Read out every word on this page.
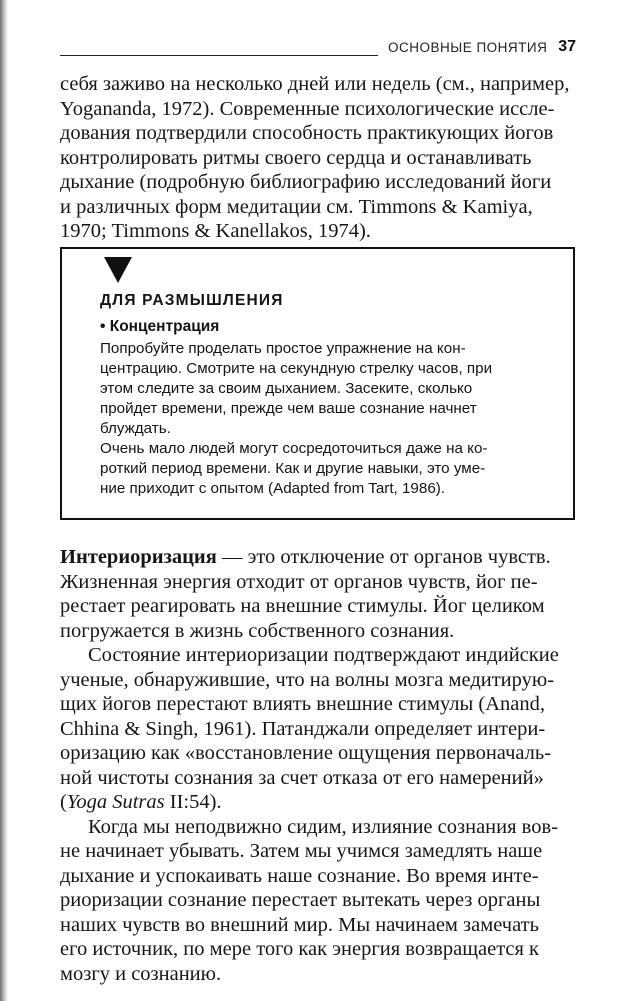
ОСНОВНЫЕ ПОНЯТИЯ 37
себя заживо на несколько дней или недель (см., например,
Yogananda, 1972). Современные психологические иссле-
дования подтвердили способность практикующих йогов
контролировать ритмы своего сердца и останавливать
дыхание (подробную библиографию исследований йоги
и различных форм медитации см. Timmons & Kamiya,
1970; Timmons & Kanellakos, 1974).
ДЛЯ РАЗМЫШЛЕНИЯ
• Концентрация
Попробуйте проделать простое упражнение на кон-
центрацию. Смотрите на секундную стрелку часов, при
этом следите за своим дыханием. Засеките, сколько
пройдет времени, прежде чем ваше сознание начнет
блуждать.
Очень мало людей могут сосредоточиться даже на ко-
роткий период времени. Как и другие навыки, это уме-
ние приходит с опытом (Adapted from Tart, 1986).
Интериоризация — это отключение от органов чувств.
Жизненная энергия отходит от органов чувств, йог пе-
рестает реагировать на внешние стимулы. Йог целиком
погружается в жизнь собственного сознания.
Состояние интериоризации подтверждают индийские
ученые, обнаружившие, что на волны мозга медитирую-
щих йогов перестают влиять внешние стимулы (Anand,
Chhina & Singh, 1961). Патанджали определяет интери-
оризацию как «восстановление ощущения первоначаль-
ной чистоты сознания за счет отказа от его намерений»
(Yoga Sutras II:54).
Когда мы неподвижно сидим, излияние сознания вов-
не начинает убывать. Затем мы учимся замедлять наше
дыхание и успокаивать наше сознание. Во время инте-
риоризации сознание перестает вытекать через органы
наших чувств во внешний мир. Мы начинаем замечать
его источник, по мере того как энергия возвращается к
мозгу и сознанию.
